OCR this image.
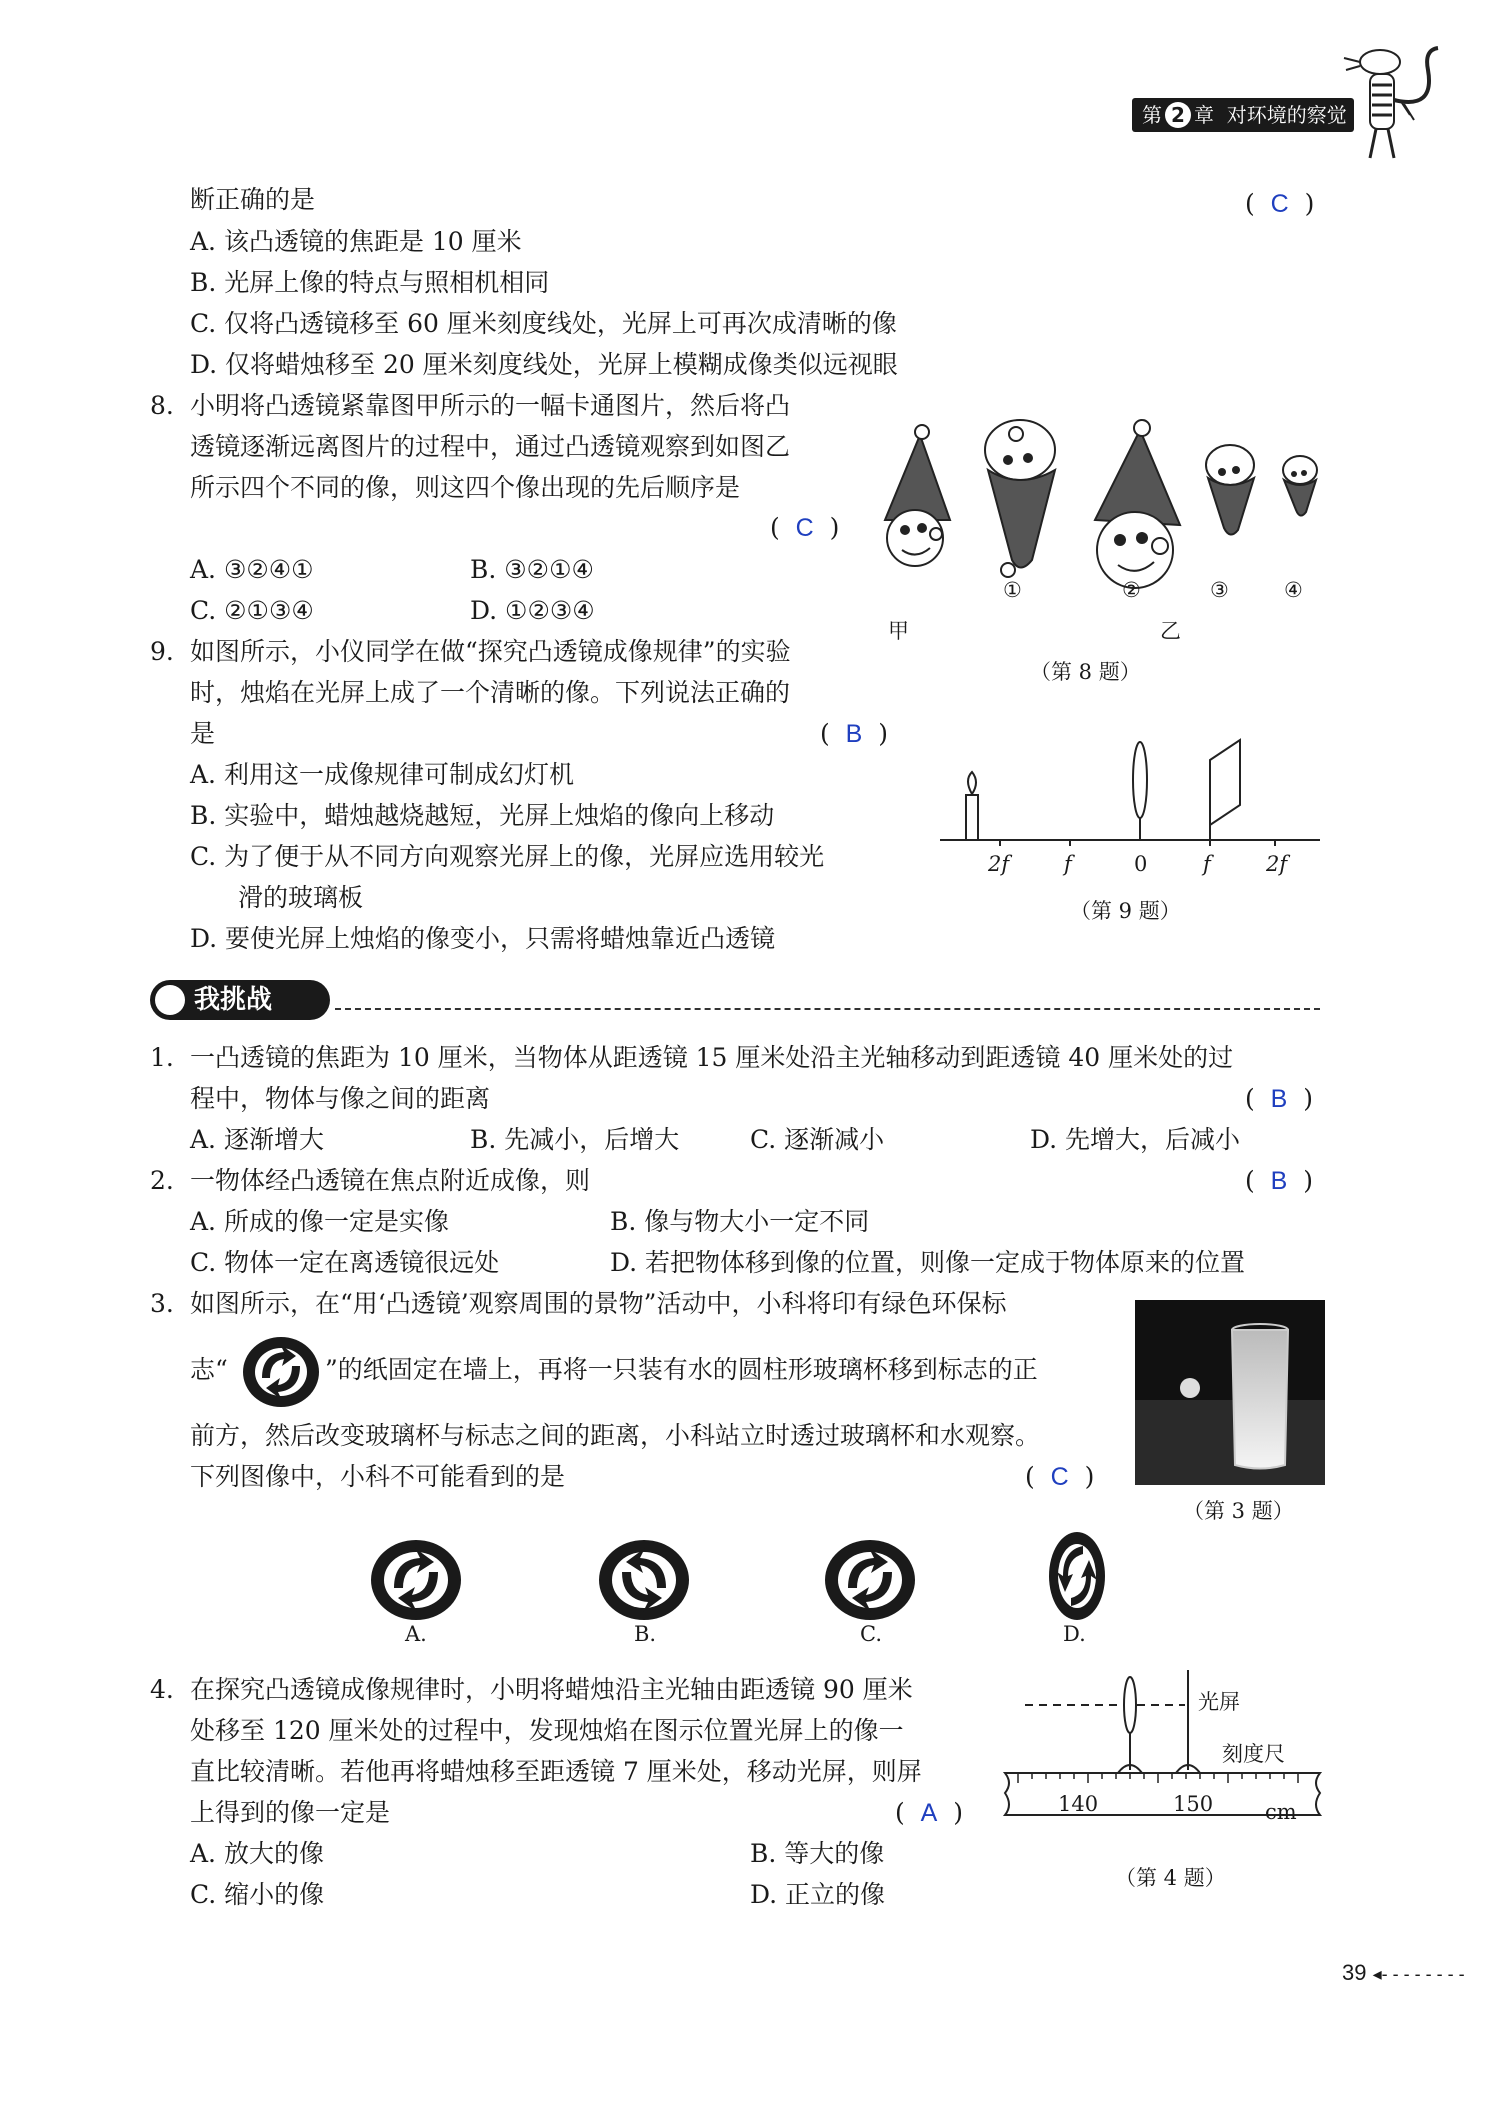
第 2 章 对环境的察觉
断正确的是	(  C  )
A. 该凸透镜的焦距是 10 厘米
B. 光屏上像的特点与照相机相同
C. 仅将凸透镜移至 60 厘米刻度线处，光屏上可再次成清晰的像
D. 仅将蜡烛移至 20 厘米刻度线处，光屏上模糊成像类似远视眼
8. 小明将凸透镜紧靠图甲所示的一幅卡通图片，然后将凸
透镜逐渐远离图片的过程中，通过凸透镜观察到如图乙
所示四个不同的像，则这四个像出现的先后顺序是
(  C  )
A. ③②④①	B. ③②①④
C. ②①③④	D. ①②③④
①	②	③	④
甲	乙
（第 8 题）
9. 如图所示，小仪同学在做“探究凸透镜成像规律”的实验
时，烛焰在光屏上成了一个清晰的像。下列说法正确的
是	(  B  )
A. 利用这一成像规律可制成幻灯机
B. 实验中，蜡烛越烧越短，光屏上烛焰的像向上移动
C. 为了便于从不同方向观察光屏上的像，光屏应选用较光
滑的玻璃板
D. 要使光屏上烛焰的像变小，只需将蜡烛靠近凸透镜
2f	f	0	f	2f
（第 9 题）
我挑战
1. 一凸透镜的焦距为 10 厘米，当物体从距透镜 15 厘米处沿主光轴移动到距透镜 40 厘米处的过
程中，物体与像之间的距离	(  B  )
A. 逐渐增大	B. 先减小，后增大	C. 逐渐减小	D. 先增大，后减小
2. 一物体经凸透镜在焦点附近成像，则	(  B  )
A. 所成的像一定是实像	B. 像与物大小一定不同
C. 物体一定在离透镜很远处	D. 若把物体移到像的位置，则像一定成于物体原来的位置
3. 如图所示，在“用‘凸透镜’观察周围的景物”活动中，小科将印有绿色环保标
志“	”的纸固定在墙上，再将一只装有水的圆柱形玻璃杯移到标志的正
前方，然后改变玻璃杯与标志之间的距离，小科站立时透过玻璃杯和水观察。
下列图像中，小科不可能看到的是	(  C  )
（第 3 题）
A.	B.	C.	D.
4. 在探究凸透镜成像规律时，小明将蜡烛沿主光轴由距透镜 90 厘米
处移至 120 厘米处的过程中，发现烛焰在图示位置光屏上的像一
直比较清晰。若他再将蜡烛移至距透镜 7 厘米处，移动光屏，则屏
上得到的像一定是	(  A  )
A. 放大的像	B. 等大的像
C. 缩小的像	D. 正立的像
光屏
刻度尺
140	150 cm
（第 4 题）
39 ◂- - - - - - - -
